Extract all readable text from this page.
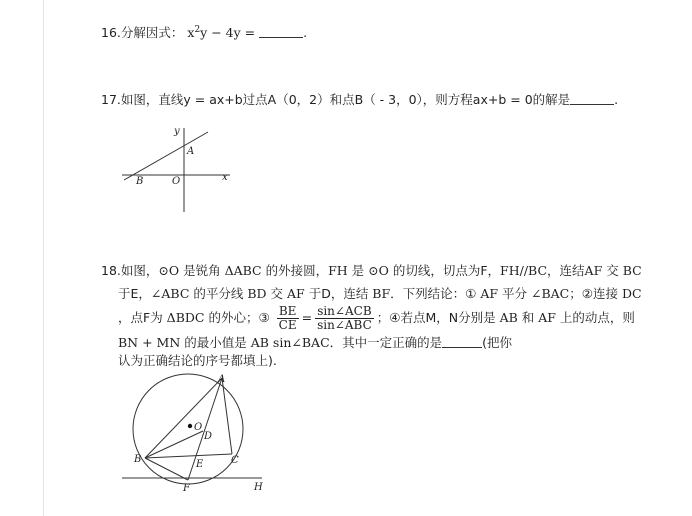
16.分解因式： $x^2y - 4y$ =	.
17.如图，直线y = ax+b过点A（0，2）和点B（ - 3，0），则方程ax+b = 0的解是	.
y
x
A
B	O
18.如图，⊙O 是锐角 ΔABC 的外接圆，FH 是 ⊙O 的切线，切点为F，FH//BC，连结AF 交 BC
于E，∠ABC 的平分线 BD 交 AF 于D，连结 BF．下列结论：① AF 平分 ∠BAC；②连接 DC
，点F为 ΔBDC 的外心；③ $\frac{BE}{CE} = \frac{\text{sin∠ACB}}{\text{sin∠ABC}}$ ；④若点M，N分别是 AB 和 AF 上的动点，则
BN + MN 的最小值是 AB sin∠BAC．其中一定正确的是	(把你
认为正确结论的序号都填上).
A
O
D
B	E	C
F	H
